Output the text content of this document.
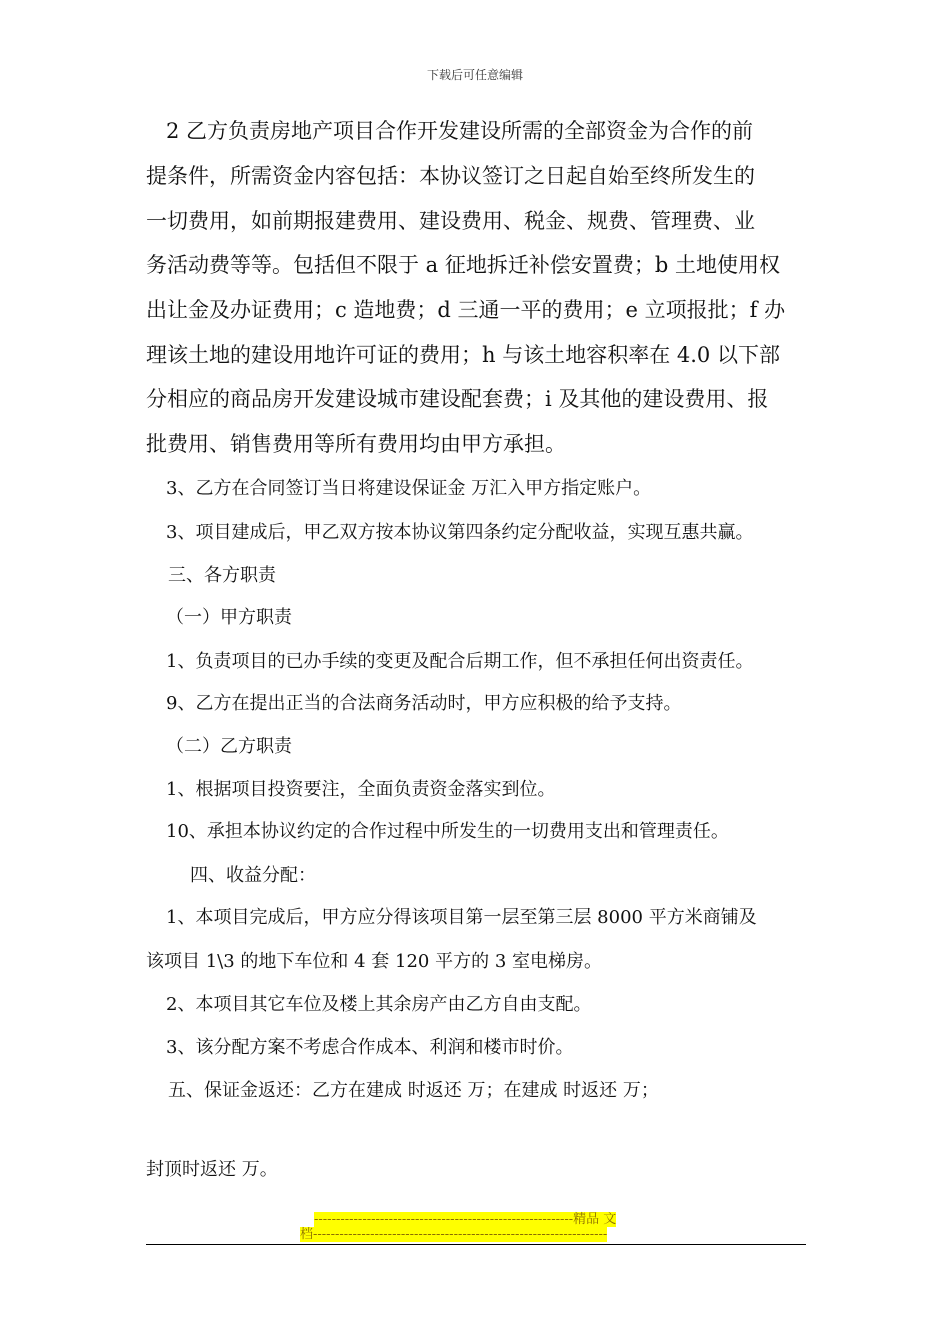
下载后可任意编辑
2 乙方负责房地产项目合作开发建设所需的全部资金为合作的前
提条件，所需资金内容包括：本协议签订之日起自始至终所发生的
一切费用，如前期报建费用、建设费用、税金、规费、管理费、业
务活动费等等。包括但不限于 a 征地拆迁补偿安置费；b 土地使用权
出让金及办证费用；c 造地费；d 三通一平的费用；e 立项报批；f 办
理该土地的建设用地许可证的费用；h 与该土地容积率在 4.0 以下部
分相应的商品房开发建设城市建设配套费；i 及其他的建设费用、报
批费用、销售费用等所有费用均由甲方承担。
3、乙方在合同签订当日将建设保证金 万汇入甲方指定账户。
3、项目建成后，甲乙双方按本协议第四条约定分配收益，实现互惠共赢。
三、各方职责
（一）甲方职责
1、负责项目的已办手续的变更及配合后期工作，但不承担任何出资责任。
9、乙方在提出正当的合法商务活动时，甲方应积极的给予支持。
（二）乙方职责
1、根据项目投资要注，全面负责资金落实到位。
10、承担本协议约定的合作过程中所发生的一切费用支出和管理责任。
四、收益分配：
1、本项目完成后，甲方应分得该项目第一层至第三层 8000 平方米商铺及
该项目 1\3 的地下车位和 4 套 120 平方的 3 室电梯房。
2、本项目其它车位及楼上其余房产由乙方自由支配。
3、该分配方案不考虑合作成本、利润和楼市时价。
五、保证金返还：乙方在建成 时返还 万；在建成 时返还 万；
封顶时返还 万。
-----------------------------------------------------------精品 文
档-------------------------------------------------------------------
